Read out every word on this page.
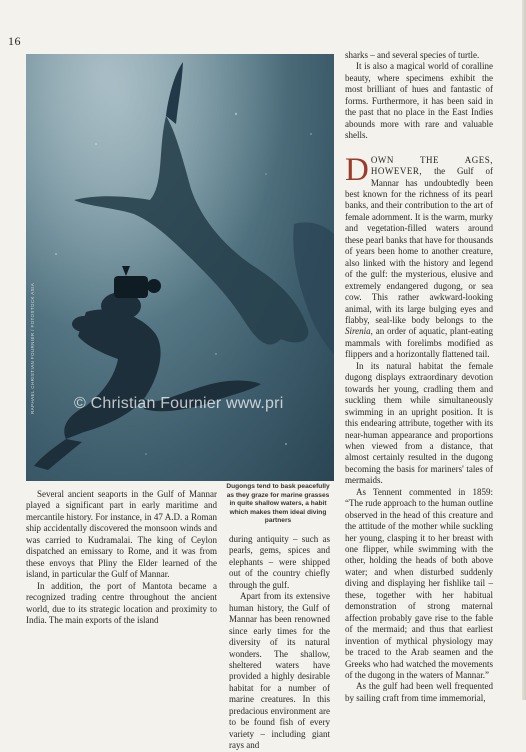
16
RAPHAEL CHRISTIAN FOURNIER / FOTOSTOCK ASIA © Christian Fournier www.pri
Dugongs tend to bask peacefully as they graze for marine grasses in quite shallow waters, a habit which makes them ideal diving partners

Several ancient seaports in the Gulf of Mannar played a significant part in early maritime and mercantile history. For instance, in 47 A.D. a Roman ship accidentally discovered the monsoon winds and was carried to Kudramalai. The king of Ceylon dispatched an emissary to Rome, and it was from these envoys that Pliny the Elder learned of the island, in particular the Gulf of Mannar.

In addition, the port of Mantota became a recognized trading centre throughout the ancient world, due to its strategic location and proximity to India. The main exports of the island

during antiquity – such as pearls, gems, spices and elephants – were shipped out of the country chiefly through the gulf.

Apart from its extensive human history, the Gulf of Mannar has been renowned since early times for the diversity of its natural wonders. The shallow, sheltered waters have provided a highly desirable habitat for a number of marine creatures. In this predacious environment are to be found fish of every variety – including giant rays and

sharks – and several species of turtle.

It is also a magical world of coralline beauty, where specimens exhibit the most brilliant of hues and fantastic of forms. Furthermore, it has been said in the past that no place in the East Indies abounds more with rare and valuable shells.

DOWN THE AGES, HOWEVER, the Gulf of Mannar has undoubtedly been best known for the richness of its pearl banks, and their contribution to the art of female adornment. It is the warm, murky and vegetation-filled waters around these pearl banks that have for thousands of years been home to another creature, also linked with the history and legend of the gulf: the mysterious, elusive and extremely endangered dugong, or sea cow. This rather awkward-looking animal, with its large bulging eyes and flabby, seal-like body belongs to the Sirenia, an order of aquatic, plant-eating mammals with forelimbs modified as flippers and a horizontally flattened tail.

In its natural habitat the female dugong displays extraordinary devotion towards her young, cradling them and suckling them while simultaneously swimming in an upright position. It is this endearing attribute, together with its near-human appearance and proportions when viewed from a distance, that almost certainly resulted in the dugong becoming the basis for mariners' tales of mermaids.

As Tennent commented in 1859: “The rude approach to the human outline observed in the head of this creature and the attitude of the mother while suckling her young, clasping it to her breast with one flipper, while swimming with the other, holding the heads of both above water; and when disturbed suddenly diving and displaying her fishlike tail – these, together with her habitual demonstration of strong maternal affection probably gave rise to the fable of the mermaid; and thus that earliest invention of mythical physiology may be traced to the Arab seamen and the Greeks who had watched the movements of the dugong in the waters of Mannar.”

As the gulf had been well frequented by sailing craft from time immemorial,
